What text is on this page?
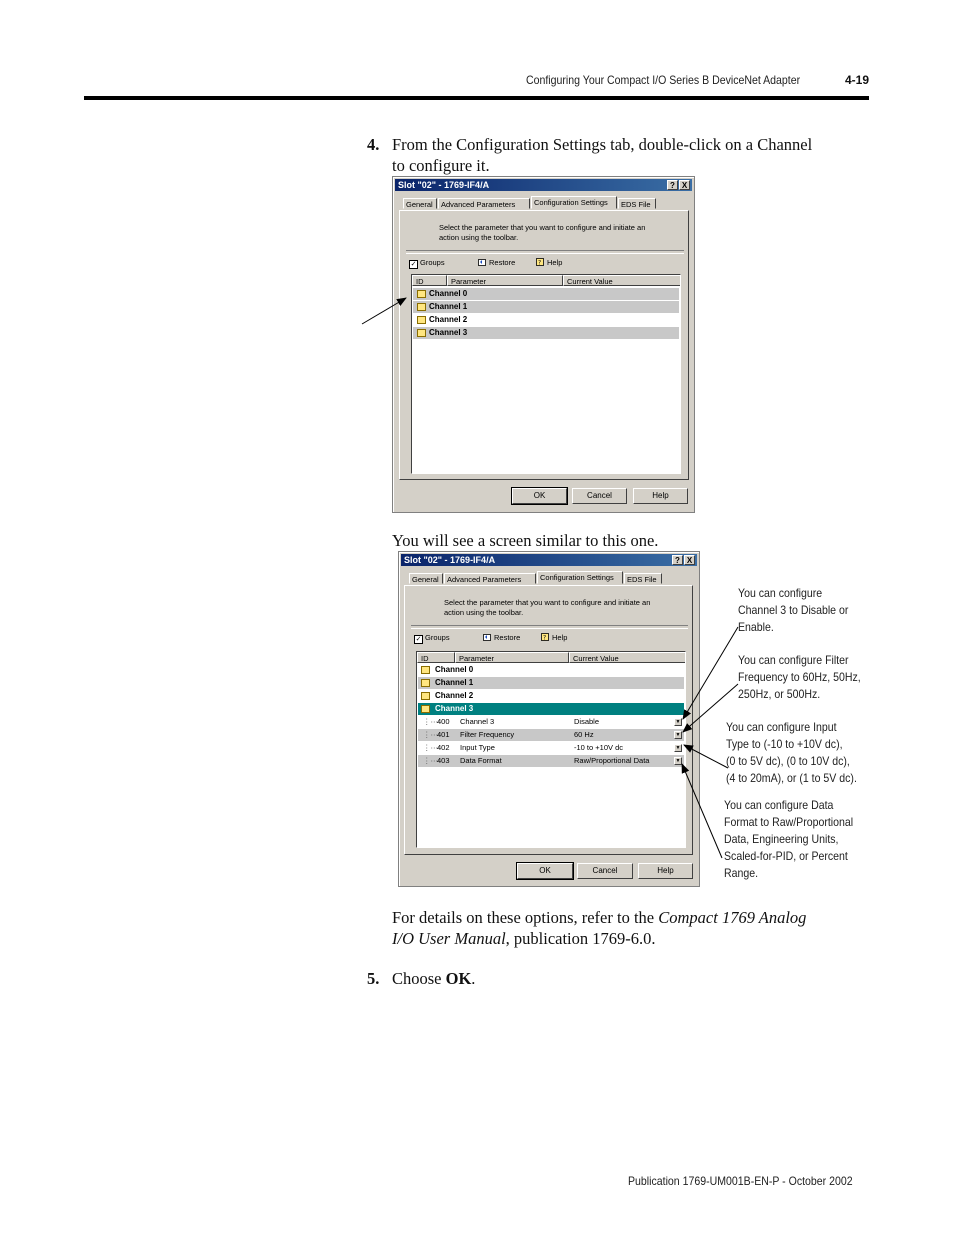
Configuring Your Compact I/O Series B DeviceNet Adapter	4-19
4. From the Configuration Settings tab, double-click on a Channel
to configure it.
Slot "02" - 1769-IF4/A	? X
General	Advanced Parameters	Configuration Settings	EDS File
Select the parameter that you want to configure and initiate an
action using the toolbar.
✓ Groups	Restore	? Help
ID	Parameter	Current Value
Channel 0
Channel 1
Channel 2
Channel 3
OK	Cancel	Help
You will see a screen similar to this one.
Slot "02" - 1769-IF4/A	? X
General	Advanced Parameters	Configuration Settings	EDS File
Select the parameter that you want to configure and initiate an
action using the toolbar.
✓ Groups	Restore	? Help
ID	Parameter	Current Value
Channel 0
Channel 1
Channel 2
Channel 3
⋮⋯ 400 Channel 3	Disable	▼
⋮⋯ 401 Filter Frequency	60 Hz	▼
⋮⋯ 402 Input Type	-10 to +10V dc	▼
⋮⋯ 403 Data Format	Raw/Proportional Data	▼
OK	Cancel	Help
You can configure
Channel 3 to Disable or
Enable.
You can configure Filter
Frequency to 60Hz, 50Hz,
250Hz, or 500Hz.
You can configure Input
Type to (-10 to +10V dc),
(0 to 5V dc), (0 to 10V dc),
(4 to 20mA), or (1 to 5V dc).
You can configure Data
Format to Raw/Proportional
Data, Engineering Units,
Scaled-for-PID, or Percent
Range.
For details on these options, refer to the Compact 1769 Analog
I/O User Manual, publication 1769-6.0.
5. Choose OK.
Publication 1769-UM001B-EN-P - October 2002
